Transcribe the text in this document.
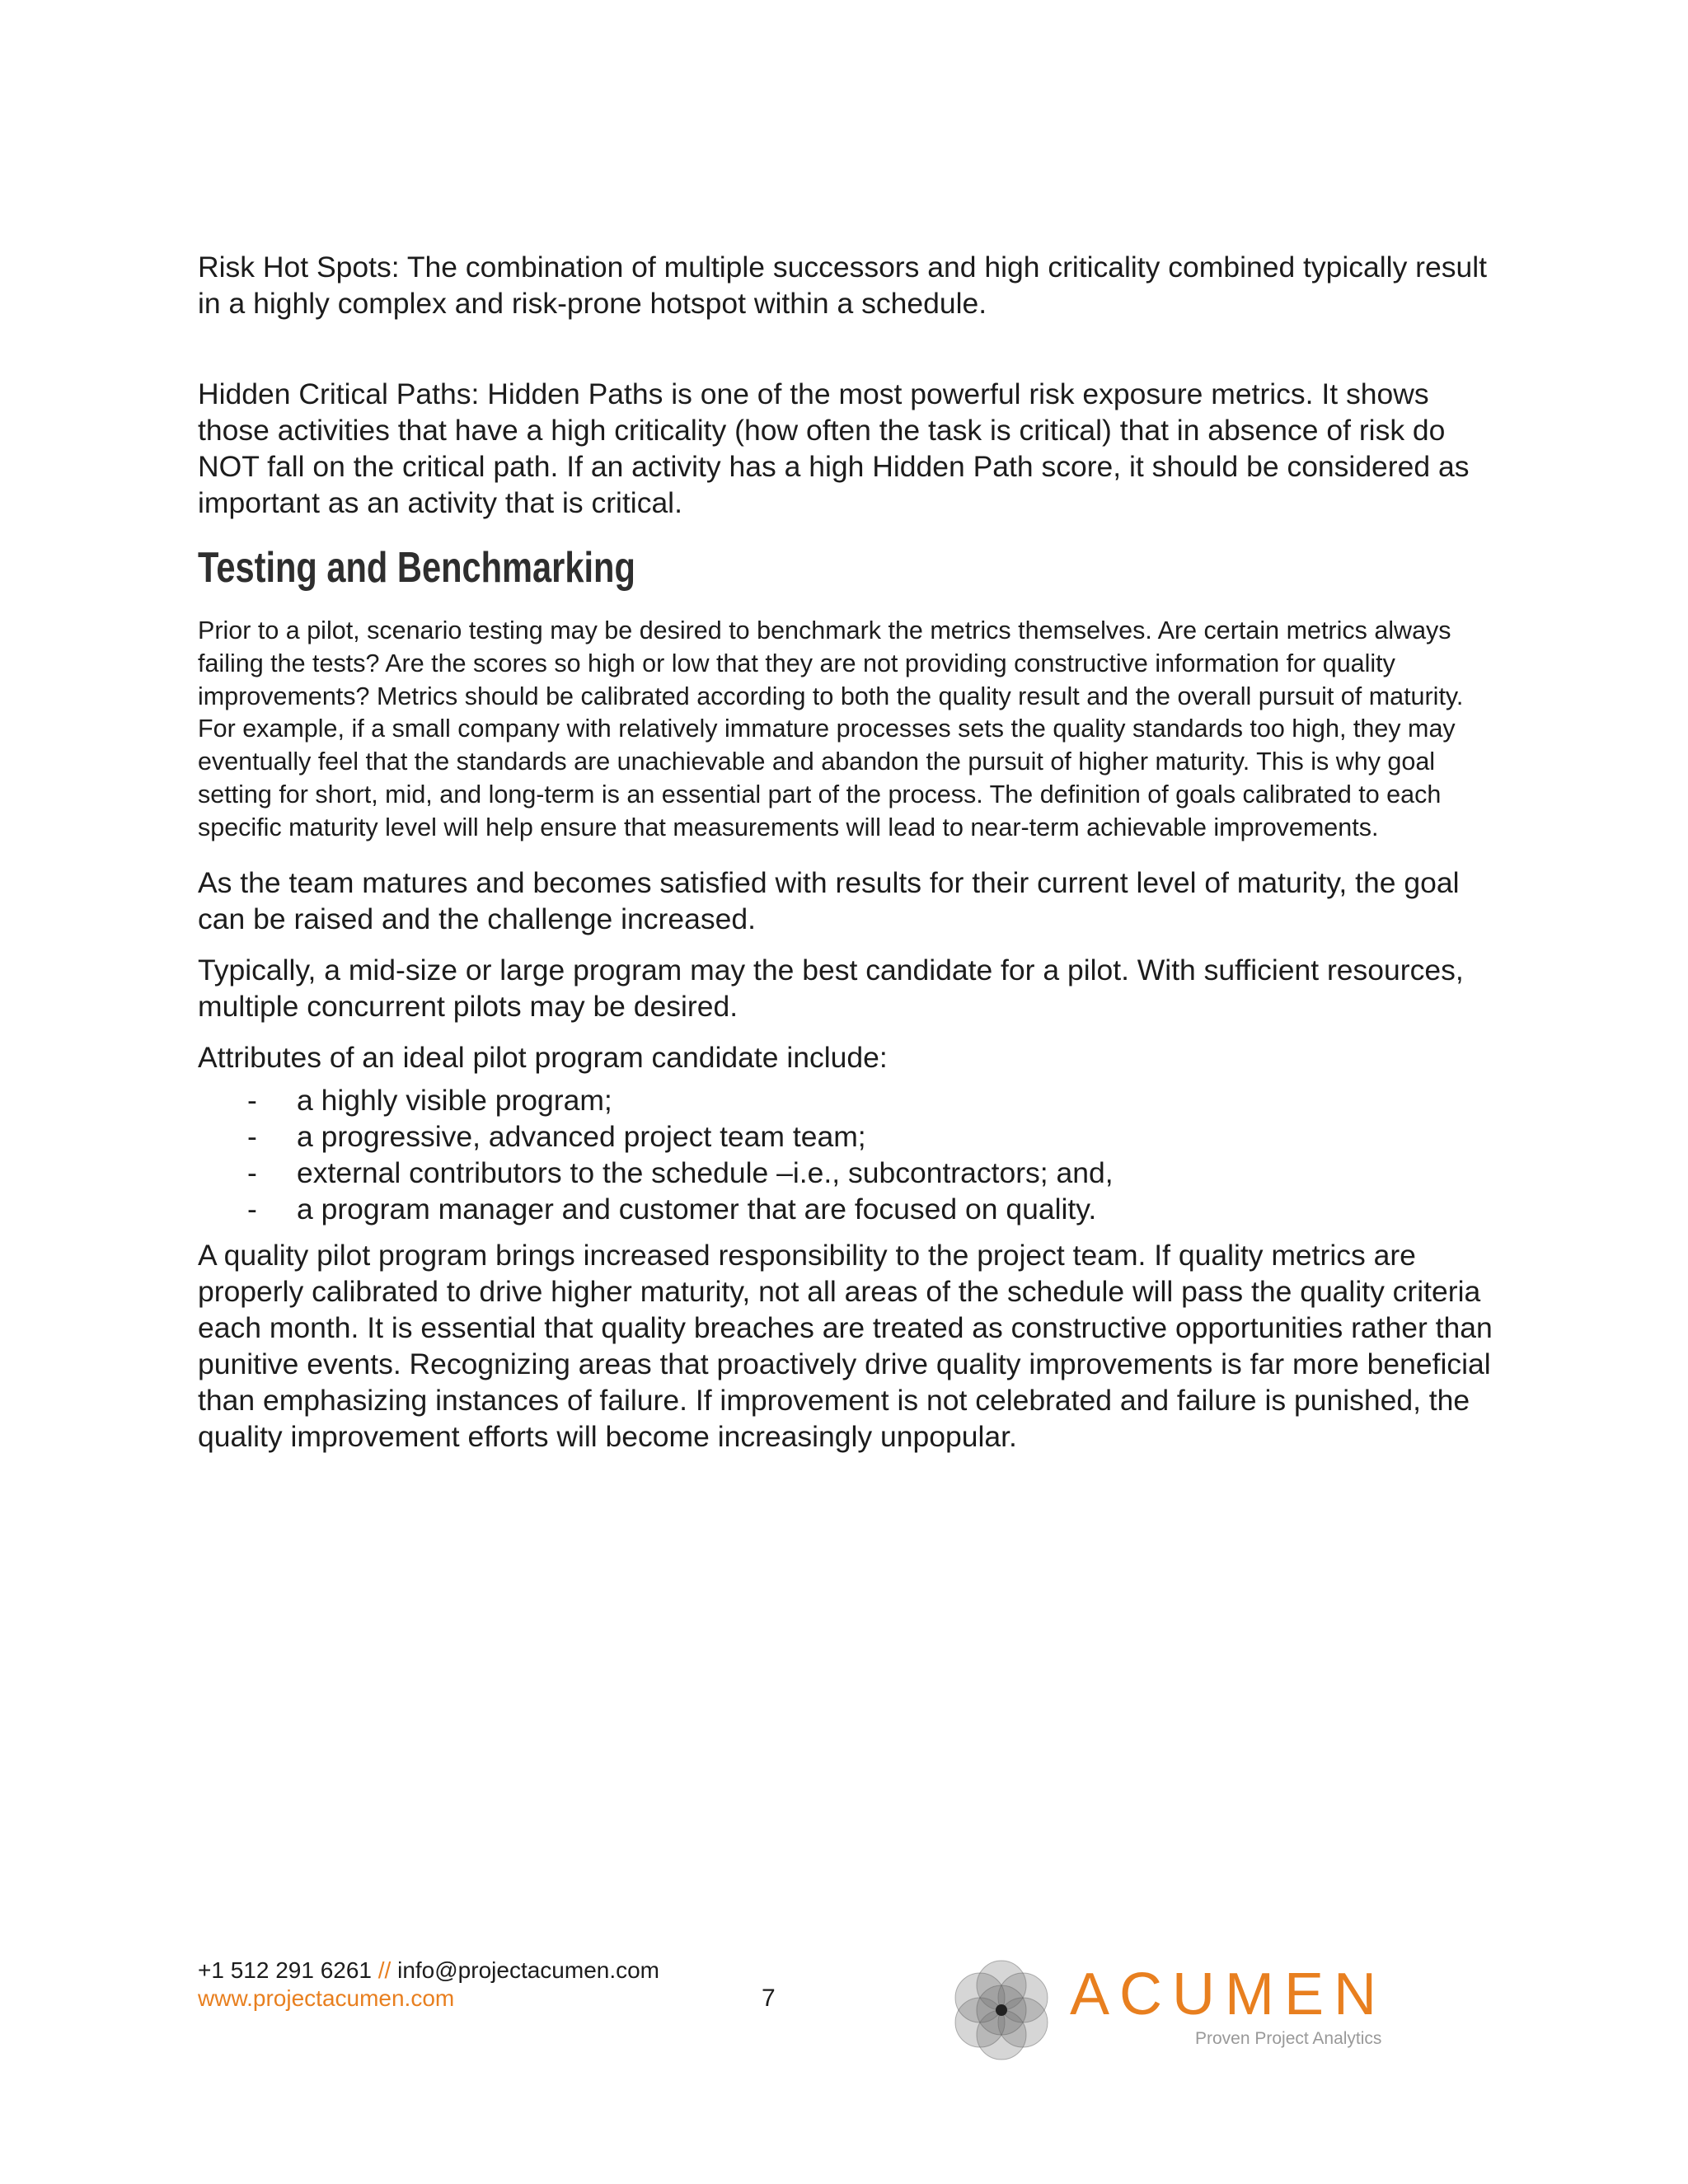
Risk Hot Spots: The combination of multiple successors and high criticality combined typically result in a highly complex and risk-prone hotspot within a schedule.

Hidden Critical Paths: Hidden Paths is one of the most powerful risk exposure metrics. It shows those activities that have a high criticality (how often the task is critical) that in absence of risk do NOT fall on the critical path. If an activity has a high Hidden Path score, it should be considered as important as an activity that is critical.

Testing and Benchmarking

Prior to a pilot, scenario testing may be desired to benchmark the metrics themselves. Are certain metrics always failing the tests? Are the scores so high or low that they are not providing constructive information for quality improvements? Metrics should be calibrated according to both the quality result and the overall pursuit of maturity. For example, if a small company with relatively immature processes sets the quality standards too high, they may eventually feel that the standards are unachievable and abandon the pursuit of higher maturity. This is why goal setting for short, mid, and long-term is an essential part of the process. The definition of goals calibrated to each specific maturity level will help ensure that measurements will lead to near-term achievable improvements.

As the team matures and becomes satisfied with results for their current level of maturity, the goal can be raised and the challenge increased.

Typically, a mid-size or large program may the best candidate for a pilot. With sufficient resources, multiple concurrent pilots may be desired.

Attributes of an ideal pilot program candidate include:

- a highly visible program;
- a progressive, advanced project team team;
- external contributors to the schedule –i.e., subcontractors; and,
- a program manager and customer that are focused on quality.

A quality pilot program brings increased responsibility to the project team. If quality metrics are properly calibrated to drive higher maturity, not all areas of the schedule will pass the quality criteria each month. It is essential that quality breaches are treated as constructive opportunities rather than punitive events. Recognizing areas that proactively drive quality improvements is far more beneficial than emphasizing instances of failure. If improvement is not celebrated and failure is punished, the quality improvement efforts will become increasingly unpopular.

+1 512 291 6261 // info@projectacumen.com
www.projectacumen.com	7	ACUMEN
Proven Project Analytics
